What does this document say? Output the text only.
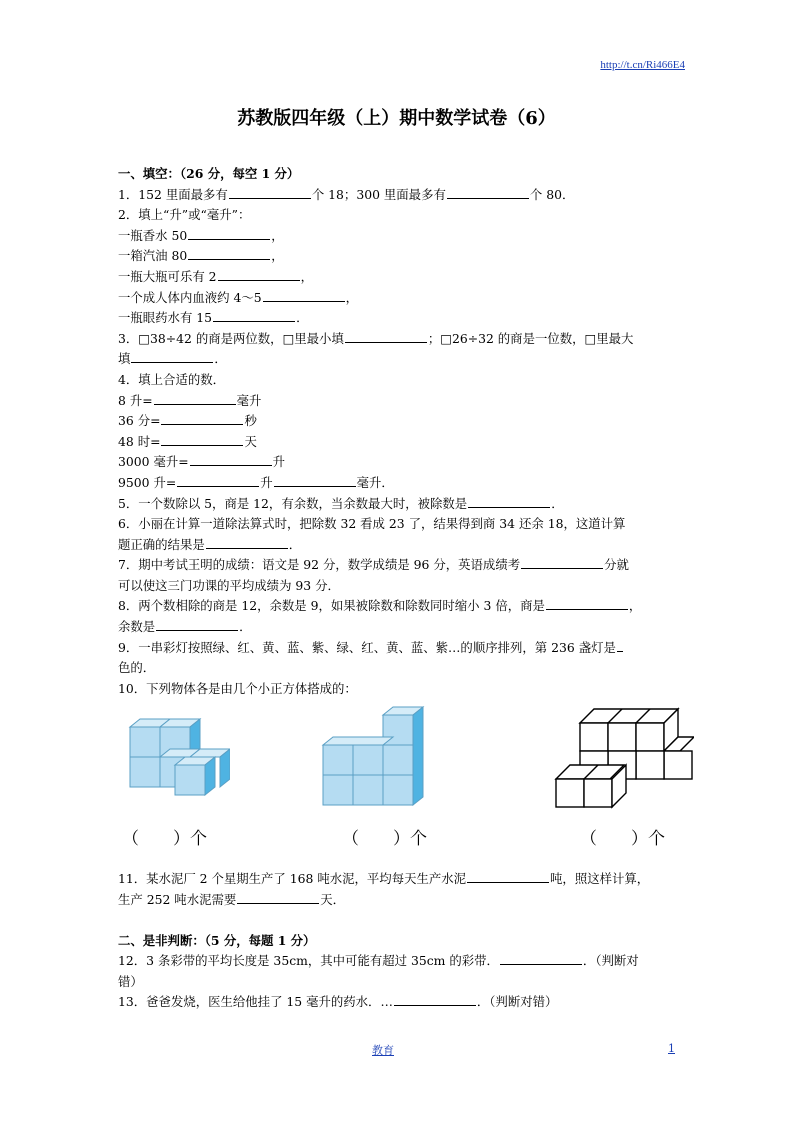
http://t.cn/Ri466E4
苏教版四年级（上）期中数学试卷（6）
一、填空：（26 分，每空 1 分）
1．152 里面最多有	个 18；300 里面最多有	个 80．
2．填上“升”或“毫升”：
一瓶香水 50	，
一箱汽油 80	，
一瓶大瓶可乐有 2	，
一个成人体内血液约 4～5	，
一瓶眼药水有 15	．
3．□38÷42 的商是两位数，□里最小填	；□26÷32 的商是一位数，□里最大
填	．
4．填上合适的数．
8 升=	毫升
36 分=	秒
48 时=	天
3000 毫升=	升
9500 升=	升	毫升．
5．一个数除以 5，商是 12，有余数，当余数最大时，被除数是	．
6．小丽在计算一道除法算式时，把除数 32 看成 23 了，结果得到商 34 还余 18，这道计算
题正确的结果是	．
7．期中考试王明的成绩：语文是 92 分，数学成绩是 96 分，英语成绩考	分就
可以使这三门功课的平均成绩为 93 分．
8．两个数相除的商是 12，余数是 9，如果被除数和除数同时缩小 3 倍，商是	，
余数是	．
9．一串彩灯按照绿、红、黄、蓝、紫、绿、红、黄、蓝、紫…的顺序排列，第 236 盏灯是
色的．
10．下列物体各是由几个小正方体搭成的：
（　　）个	（　　）个	（　　）个
11．某水泥厂 2 个星期生产了 168 吨水泥，平均每天生产水泥	吨，照这样计算，
生产 252 吨水泥需要	天．
二、是非判断：（5 分，每题 1 分）
12．3 条彩带的平均长度是 35cm，其中可能有超过 35cm 的彩带．	．（判断对
错）
13．爸爸发烧，医生给他挂了 15 毫升的药水．…	．（判断对错）
教育	1
